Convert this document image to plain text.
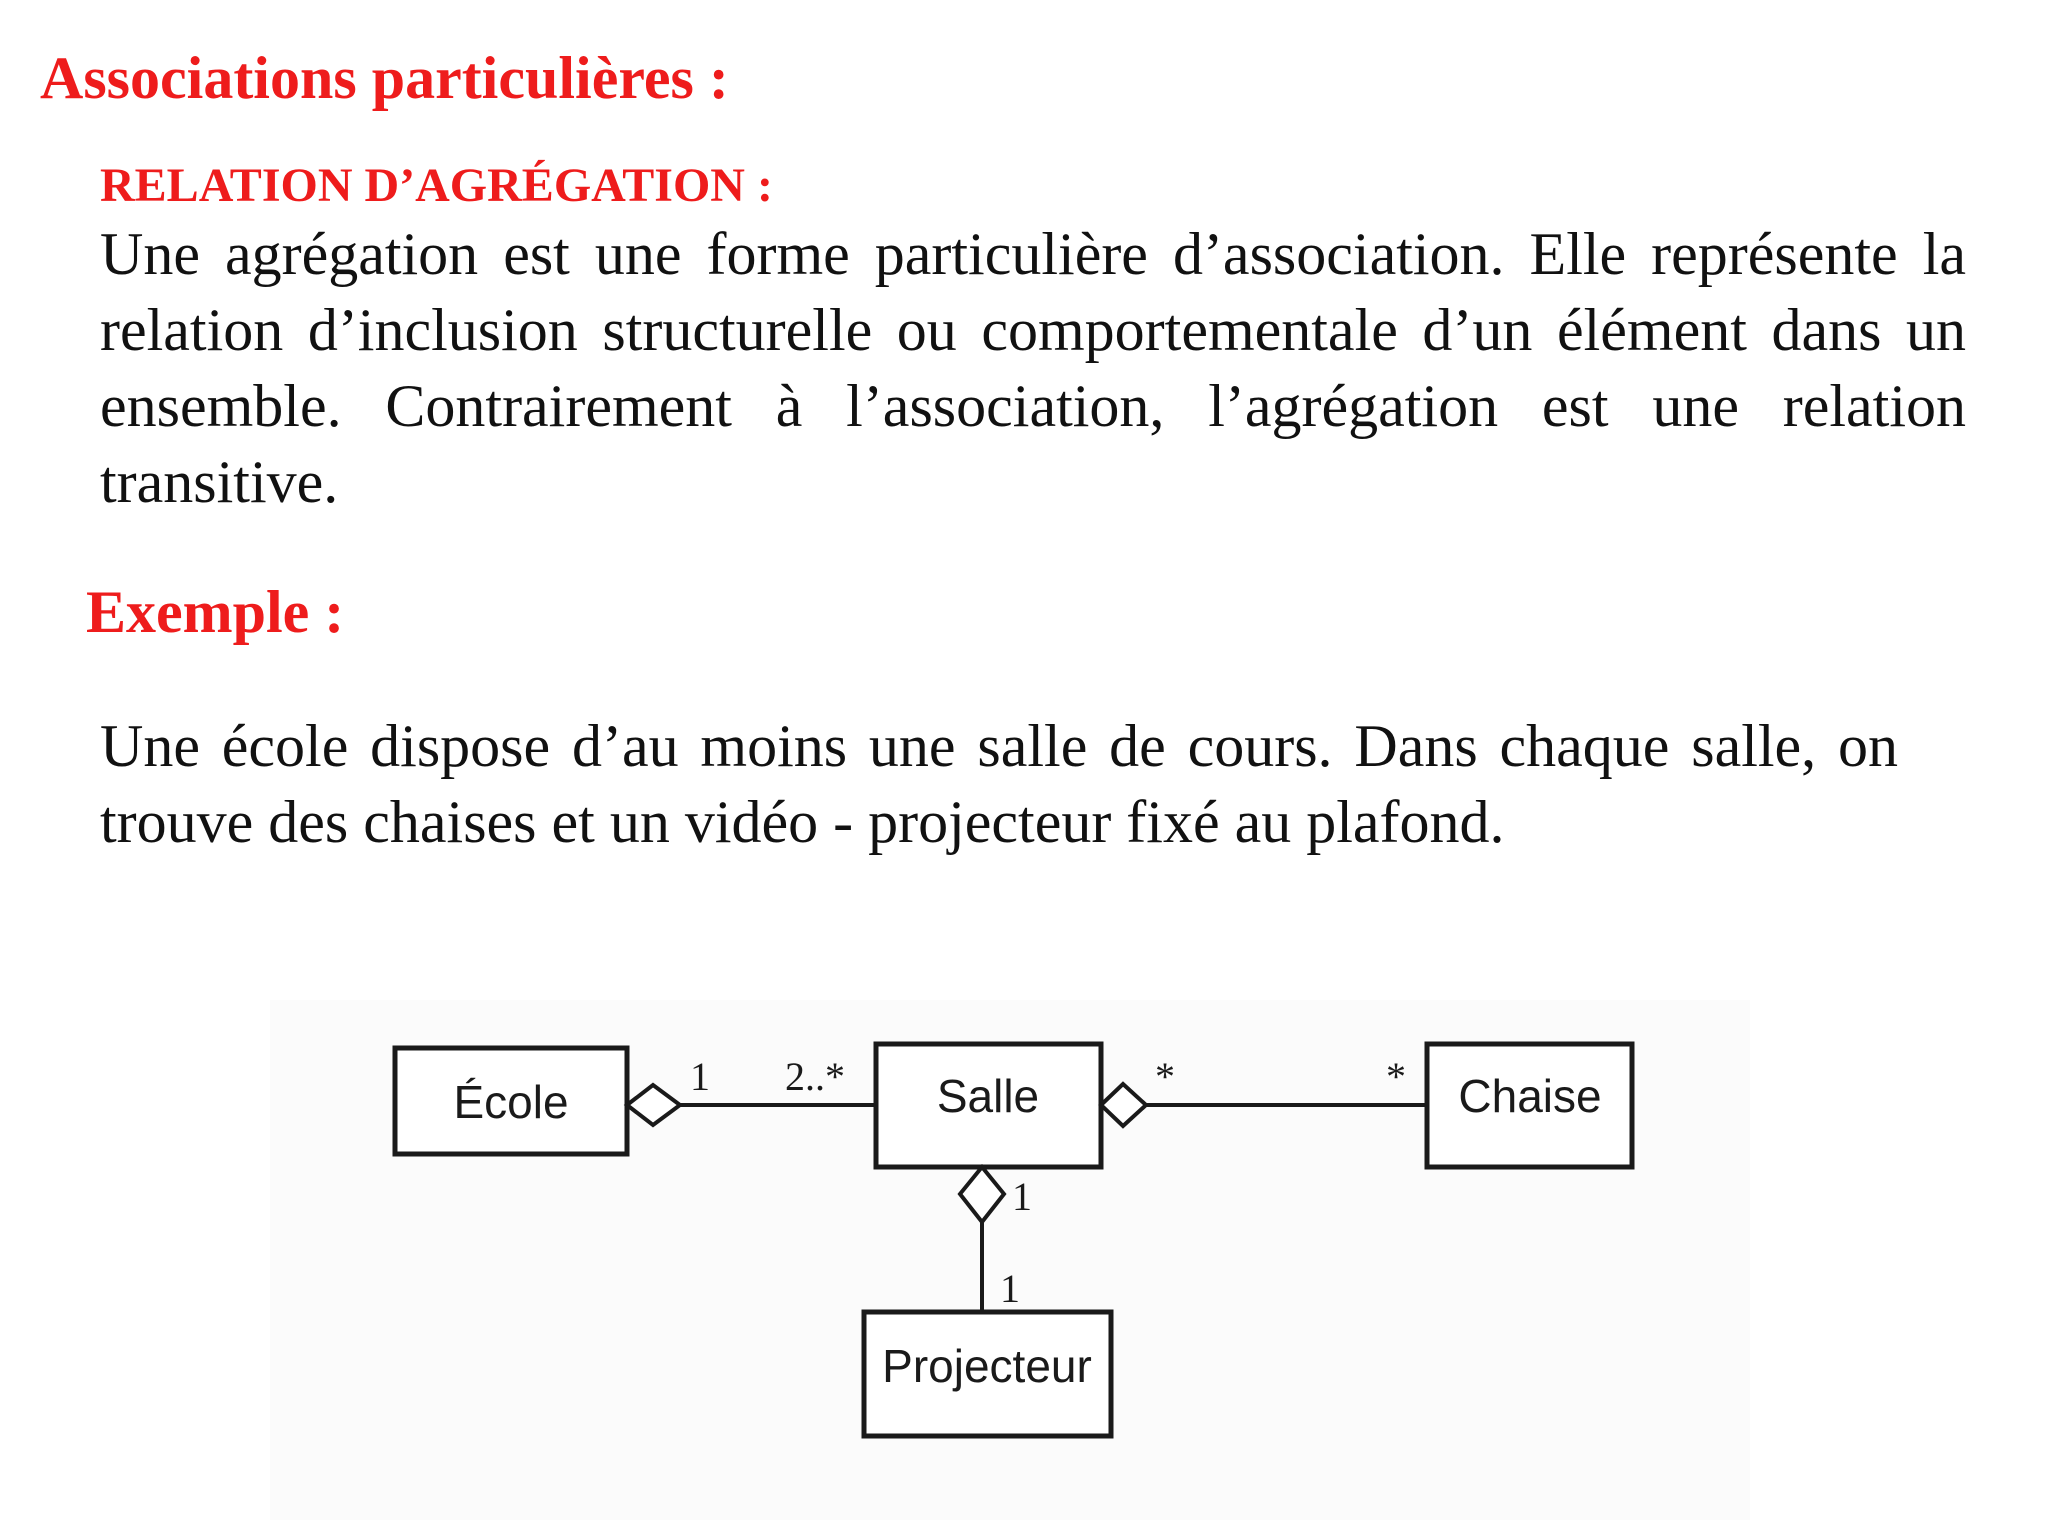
Associations particulières :
RELATION D’AGRÉGATION :

Une agrégation est une forme particulière d’association. Elle représente la relation d’inclusion structurelle ou comportementale d’un élément dans un ensemble. Contrairement à l’association, l’agrégation est une relation transitive.

Exemple :

Une école dispose d’au moins une salle de cours. Dans chaque salle, on trouve des chaises et un vidéo - projecteur fixé au plafond.

École	Salle	Chaise
Projecteur
1 2..*	*	*
1
1
